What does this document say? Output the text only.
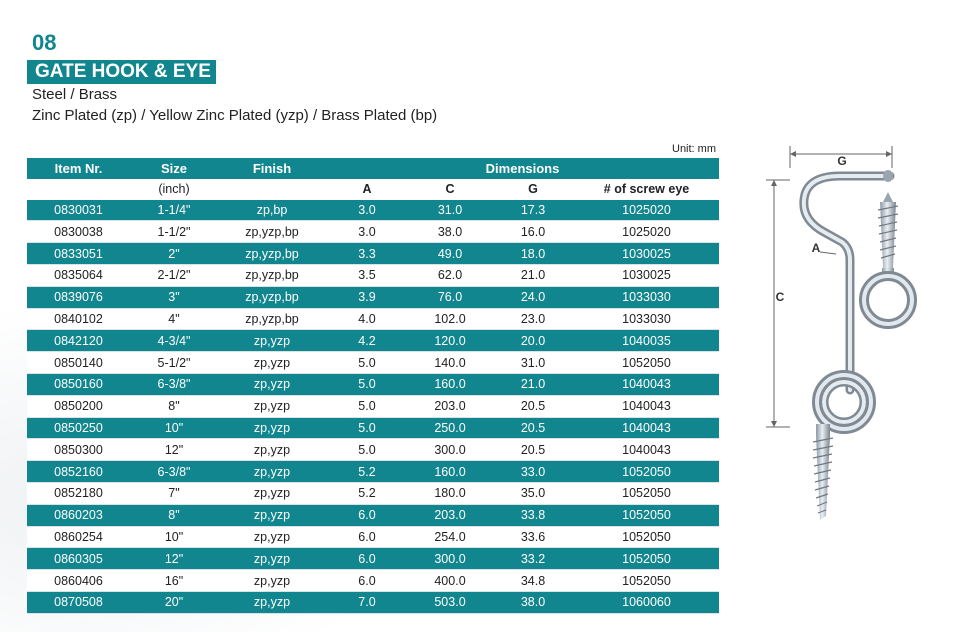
08
GATE HOOK & EYE
Steel / Brass
Zinc Plated (zp) / Yellow Zinc Plated (yzp) / Brass Plated (bp)
Unit: mm
Item Nr.	Size	Finish	Dimensions			
	(inch)		A	C	G	# of screw eye
0830031	1-1/4"	zp,bp	3.0	31.0	17.3	1025020
0830038	1-1/2"	zp,yzp,bp	3.0	38.0	16.0	1025020
0833051	2"	zp,yzp,bp	3.3	49.0	18.0	1030025
0835064	2-1/2"	zp,yzp,bp	3.5	62.0	21.0	1030025
0839076	3"	zp,yzp,bp	3.9	76.0	24.0	1033030
0840102	4"	zp,yzp,bp	4.0	102.0	23.0	1033030
0842120	4-3/4"	zp,yzp	4.2	120.0	20.0	1040035
0850140	5-1/2"	zp,yzp	5.0	140.0	31.0	1052050
0850160	6-3/8"	zp,yzp	5.0	160.0	21.0	1040043
0850200	8"	zp,yzp	5.0	203.0	20.5	1040043
0850250	10"	zp,yzp	5.0	250.0	20.5	1040043
0850300	12"	zp,yzp	5.0	300.0	20.5	1040043
0852160	6-3/8"	zp,yzp	5.2	160.0	33.0	1052050
0852180	7"	zp,yzp	5.2	180.0	35.0	1052050
0860203	8"	zp,yzp	6.0	203.0	33.8	1052050
0860254	10"	zp,yzp	6.0	254.0	33.6	1052050
0860305	12"	zp,yzp	6.0	300.0	33.2	1052050
0860406	16"	zp,yzp	6.0	400.0	34.8	1052050
0870508	20"	zp,yzp	7.0	503.0	38.0	1060060
G
C
A
